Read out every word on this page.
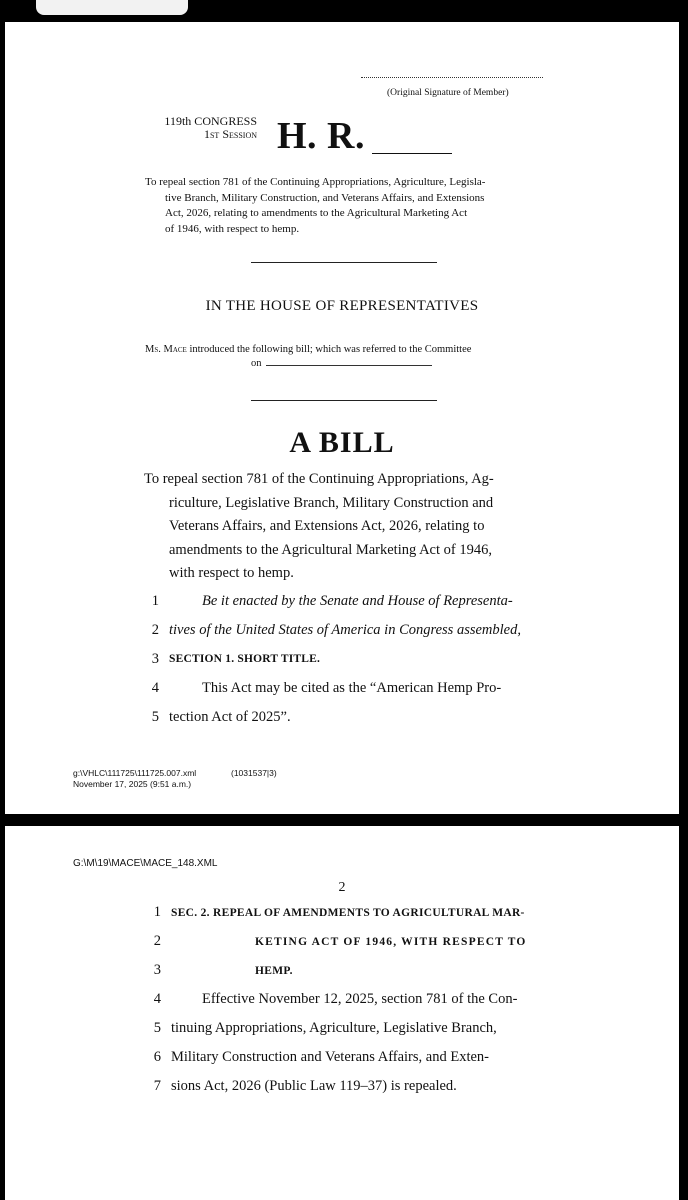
(Original Signature of Member)
119th CONGRESS
1st Session H. R.
To repeal section 781 of the Continuing Appropriations, Agriculture, Legisla-
tive Branch, Military Construction, and Veterans Affairs, and Extensions
Act, 2026, relating to amendments to the Agricultural Marketing Act
of 1946, with respect to hemp.
IN THE HOUSE OF REPRESENTATIVES
Ms. Mace introduced the following bill; which was referred to the Committee
on
A BILL
To repeal section 781 of the Continuing Appropriations, Ag-
riculture, Legislative Branch, Military Construction and
Veterans Affairs, and Extensions Act, 2026, relating to
amendments to the Agricultural Marketing Act of 1946,
with respect to hemp.
1	Be it enacted by the Senate and House of Representa-
2 tives of the United States of America in Congress assembled,
3 SECTION 1. SHORT TITLE.
4	This Act may be cited as the “American Hemp Pro-
5 tection Act of 2025”.
g:\VHLC\111725\111725.007.xml
November 17, 2025 (9:51 a.m.)
(1031537|3)
G:\M\19\MACE\MACE_148.XML
2
1 SEC. 2. REPEAL OF AMENDMENTS TO AGRICULTURAL MAR-
2	KETING ACT OF 1946, WITH RESPECT TO
3	HEMP.
4	Effective November 12, 2025, section 781 of the Con-
5 tinuing Appropriations, Agriculture, Legislative Branch,
6 Military Construction and Veterans Affairs, and Exten-
7 sions Act, 2026 (Public Law 119–37) is repealed.
